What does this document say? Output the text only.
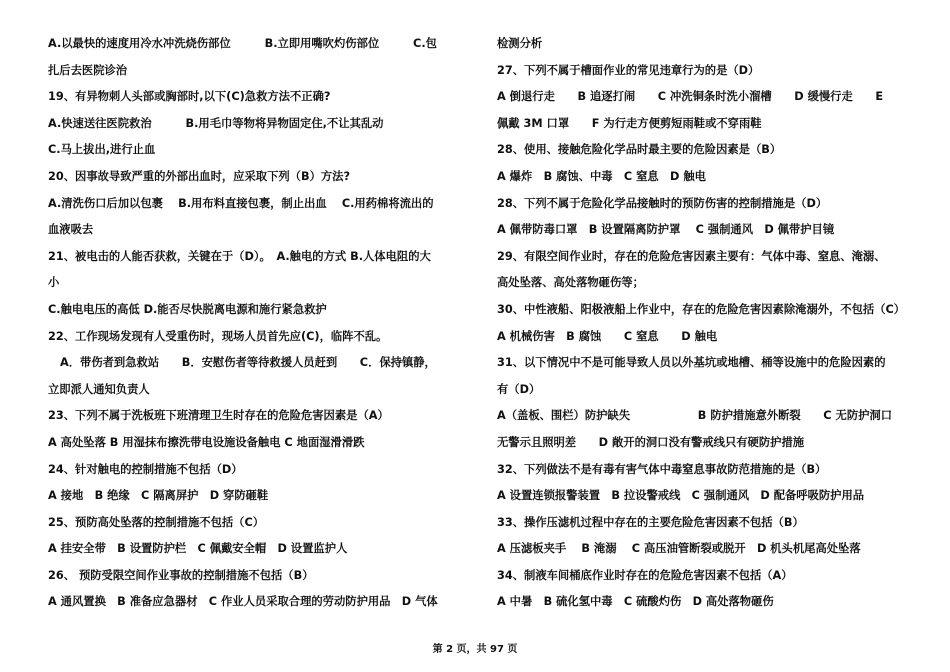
A.以最快的速度用冷水冲洗烧伤部位　　　B.立即用嘴吹灼伤部位　　　C.包
扎后去医院诊治
19、有异物刺人头部或胸部时,以下(C)急救方法不正确?
A.快速送往医院救治　　　B.用毛巾等物将异物固定住,不让其乱动
C.马上拔出,进行止血
20、因事故导致严重的外部出血时，应采取下列（B）方法?
A.清洗伤口后加以包裹　 B.用布料直接包裹，制止出血　 C.用药棉将流出的
血液吸去
21、被电击的人能否获救，关键在于（D）。　A.触电的方式 B.人体电阻的大
小
C.触电电压的高低 D.能否尽快脱离电源和施行紧急救护
22、工作现场发现有人受重伤时，现场人员首先应(C)，临阵不乱。
A．带伤者到急救站　　B．安慰伤者等待救援人员赶到　　C．保持镇静，
立即派人通知负责人
23、下列不属于洗板班下班清理卫生时存在的危险危害因素是（A）
A 高处坠落 B 用湿抹布擦洗带电设施设备触电 C 地面湿滑滑跌
24、针对触电的控制措施不包括（D）
A 接地　B 绝缘　C 隔离屏护　D 穿防砸鞋
25、预防高处坠落的控制措施不包括（C）
A 挂安全带　B 设置防护栏　C 佩戴安全帽　D 设置监护人
26、 预防受限空间作业事故的控制措施不包括（B）
A 通风置换　B 准备应急器材　C 作业人员采取合理的劳动防护用品　D 气体
检测分析
27、下列不属于槽面作业的常见违章行为的是（D）
A 倒退行走　　B 追逐打闹　　C 冲洗铜条时洗小溜槽　　D 缓慢行走　　E
佩戴 3M 口罩　　F 为行走方便剪短雨鞋或不穿雨鞋
28、使用、接触危险化学品时最主要的危险因素是（B）
A 爆炸　B 腐蚀、中毒　C 窒息　D 触电
28、下列不属于危险化学品接触时的预防伤害的控制措施是（D）
A 佩带防毒口罩　B 设置隔离防护罩　 C 强制通风　D 佩带护目镜
29、有限空间作业时，存在的危险危害因素主要有：气体中毒、窒息、淹溺、
高处坠落、高处落物砸伤等；
30、中性液船、阳极液船上作业中，存在的危险危害因素除淹溺外，不包括（C）
A 机械伤害　B 腐蚀　　C 窒息　　D 触电
31、以下情况中不是可能导致人员以外基坑或地槽、桶等设施中的危险因素的
有（D）
A（盖板、围栏）防护缺失　　　　　　B 防护措施意外断裂　　C 无防护洞口
无警示且照明差　　D 敞开的洞口没有警戒线只有硬防护措施
32、下列做法不是有毒有害气体中毒窒息事故防范措施的是（B）
A 设置连锁报警装置　B 拉设警戒线　C 强制通风　D 配备呼吸防护用品
33、操作压滤机过程中存在的主要危险危害因素不包括（B）
A 压滤板夹手　 B 淹溺　 C 高压油管断裂或脱开　D 机头机尾高处坠落
34、制液车间桶底作业时存在的危险危害因素不包括（A）
A 中暑　B 硫化氢中毒　C 硫酸灼伤　D 高处落物砸伤
第 2 页，共 97 页
